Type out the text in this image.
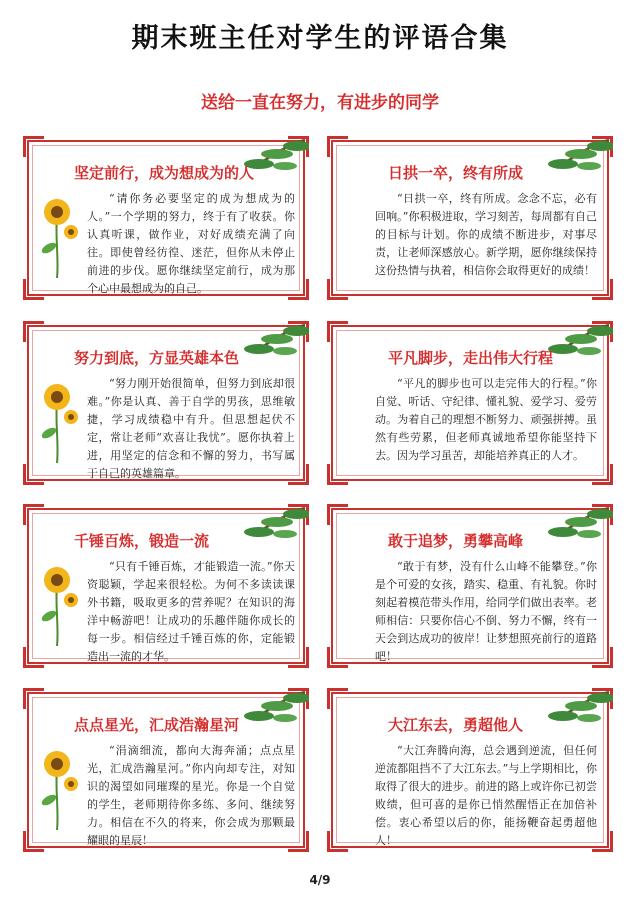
期末班主任对学生的评语合集
送给一直在努力，有进步的同学
坚定前行，成为想成为的人

“请你务必要坚定的成为想成为的人。”一个学期的努力，终于有了收获。你认真听课，做作业，对好成绩充满了向往。即使曾经彷徨、迷茫，但你从未停止前进的步伐。愿你继续坚定前行，成为那个心中最想成为的自己。

日拱一卒，终有所成

“日拱一卒，终有所成。念念不忘，必有回响。”你积极进取，学习刻苦，每周都有自己的目标与计划。你的成绩不断进步，对事尽责，让老师深感放心。新学期，愿你继续保持这份热情与执着，相信你会取得更好的成绩！

努力到底，方显英雄本色

“努力刚开始很简单，但努力到底却很难。”你是认真、善于自学的男孩，思维敏捷，学习成绩稳中有升。但思想起伏不定，常让老师“欢喜让我忧”。愿你执着上进，用坚定的信念和不懈的努力，书写属于自己的英雄篇章。

平凡脚步，走出伟大行程

“平凡的脚步也可以走完伟大的行程。”你自觉、听话、守纪律、懂礼貌、爱学习、爱劳动。为着自己的理想不断努力、顽强拼搏。虽然有些劳累，但老师真诚地希望你能坚持下去。因为学习虽苦，却能培养真正的人才。

千锤百炼，锻造一流

“只有千锤百炼，才能锻造一流。”你天资聪颖，学起来很轻松。为何不多读读课外书籍，吸取更多的营养呢？在知识的海洋中畅游吧！让成功的乐趣伴随你成长的每一步。相信经过千锤百炼的你，定能锻造出一流的才华。

敢于追梦，勇攀高峰

“敢于有梦，没有什么山峰不能攀登。”你是个可爱的女孩，踏实、稳重、有礼貌。你时刻起着模范带头作用，给同学们做出表率。老师相信：只要你信心不倒、努力不懈，终有一天会到达成功的彼岸！让梦想照亮前行的道路吧！

点点星光，汇成浩瀚星河

“涓滴细流，都向大海奔涌；点点星光，汇成浩瀚星河。”你内向却专注，对知识的渴望如同璀璨的星光。你是一个自觉的学生，老师期待你多练、多问、继续努力。相信在不久的将来，你会成为那颗最耀眼的星辰！

大江东去，勇超他人

“大江奔腾向海，总会遇到逆流，但任何逆流都阻挡不了大江东去。”与上学期相比，你取得了很大的进步。前进的路上或许你已初尝败绩，但可喜的是你已悄然醒悟正在加倍补偿。衷心希望以后的你，能扬鞭奋起勇超他人！

4/9
